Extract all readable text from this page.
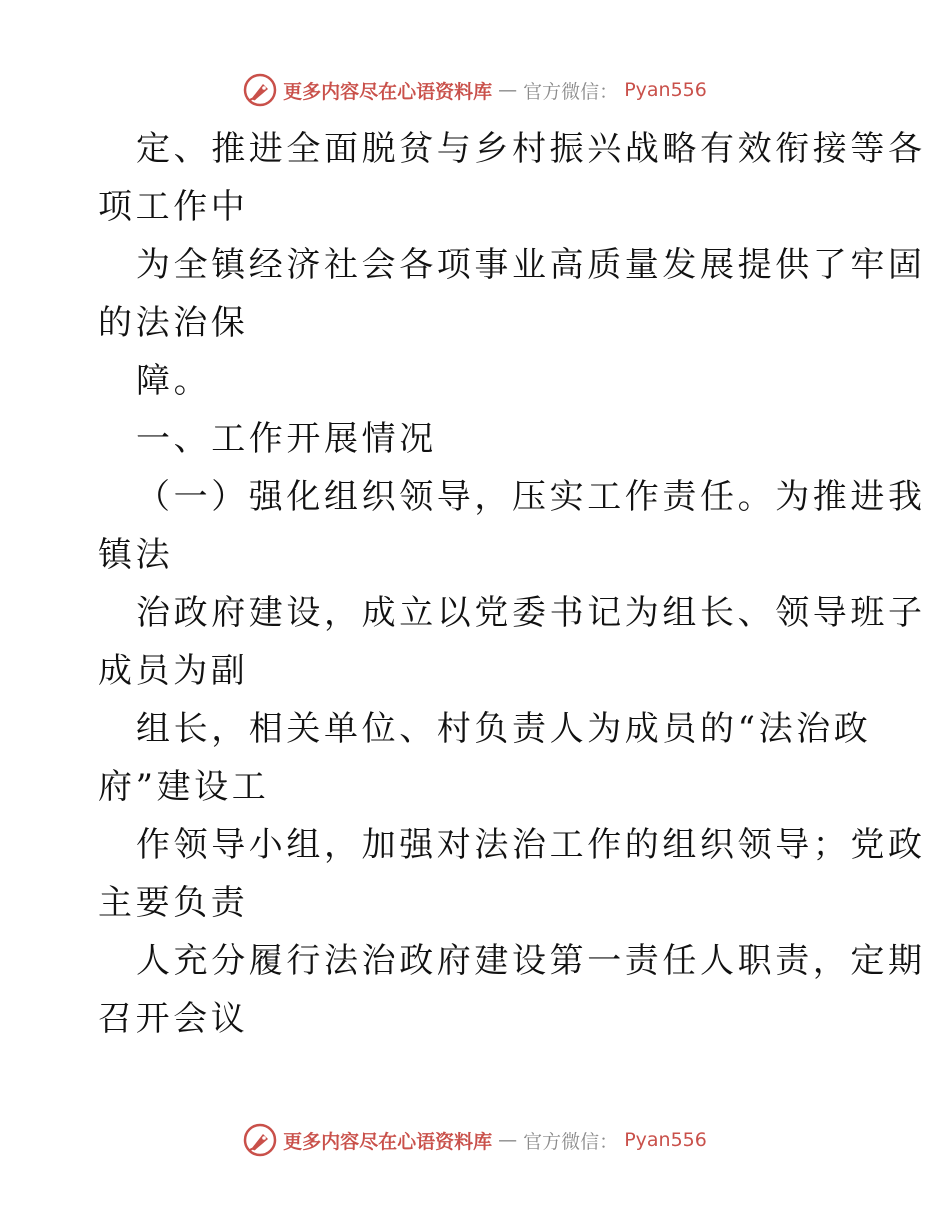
更多内容尽在心语资料库 — 官方微信： Pyan556
定、推进全面脱贫与乡村振兴战略有效衔接等各
项工作中
为全镇经济社会各项事业高质量发展提供了牢固
的法治保
障。
一、工作开展情况
（一）强化组织领导，压实工作责任。为推进我
镇法
治政府建设，成立以党委书记为组长、领导班子
成员为副
组长，相关单位、村负责人为成员的“法治政
府”建设工
作领导小组，加强对法治工作的组织领导；党政
主要负责
人充分履行法治政府建设第一责任人职责，定期
召开会议
更多内容尽在心语资料库 — 官方微信： Pyan556
